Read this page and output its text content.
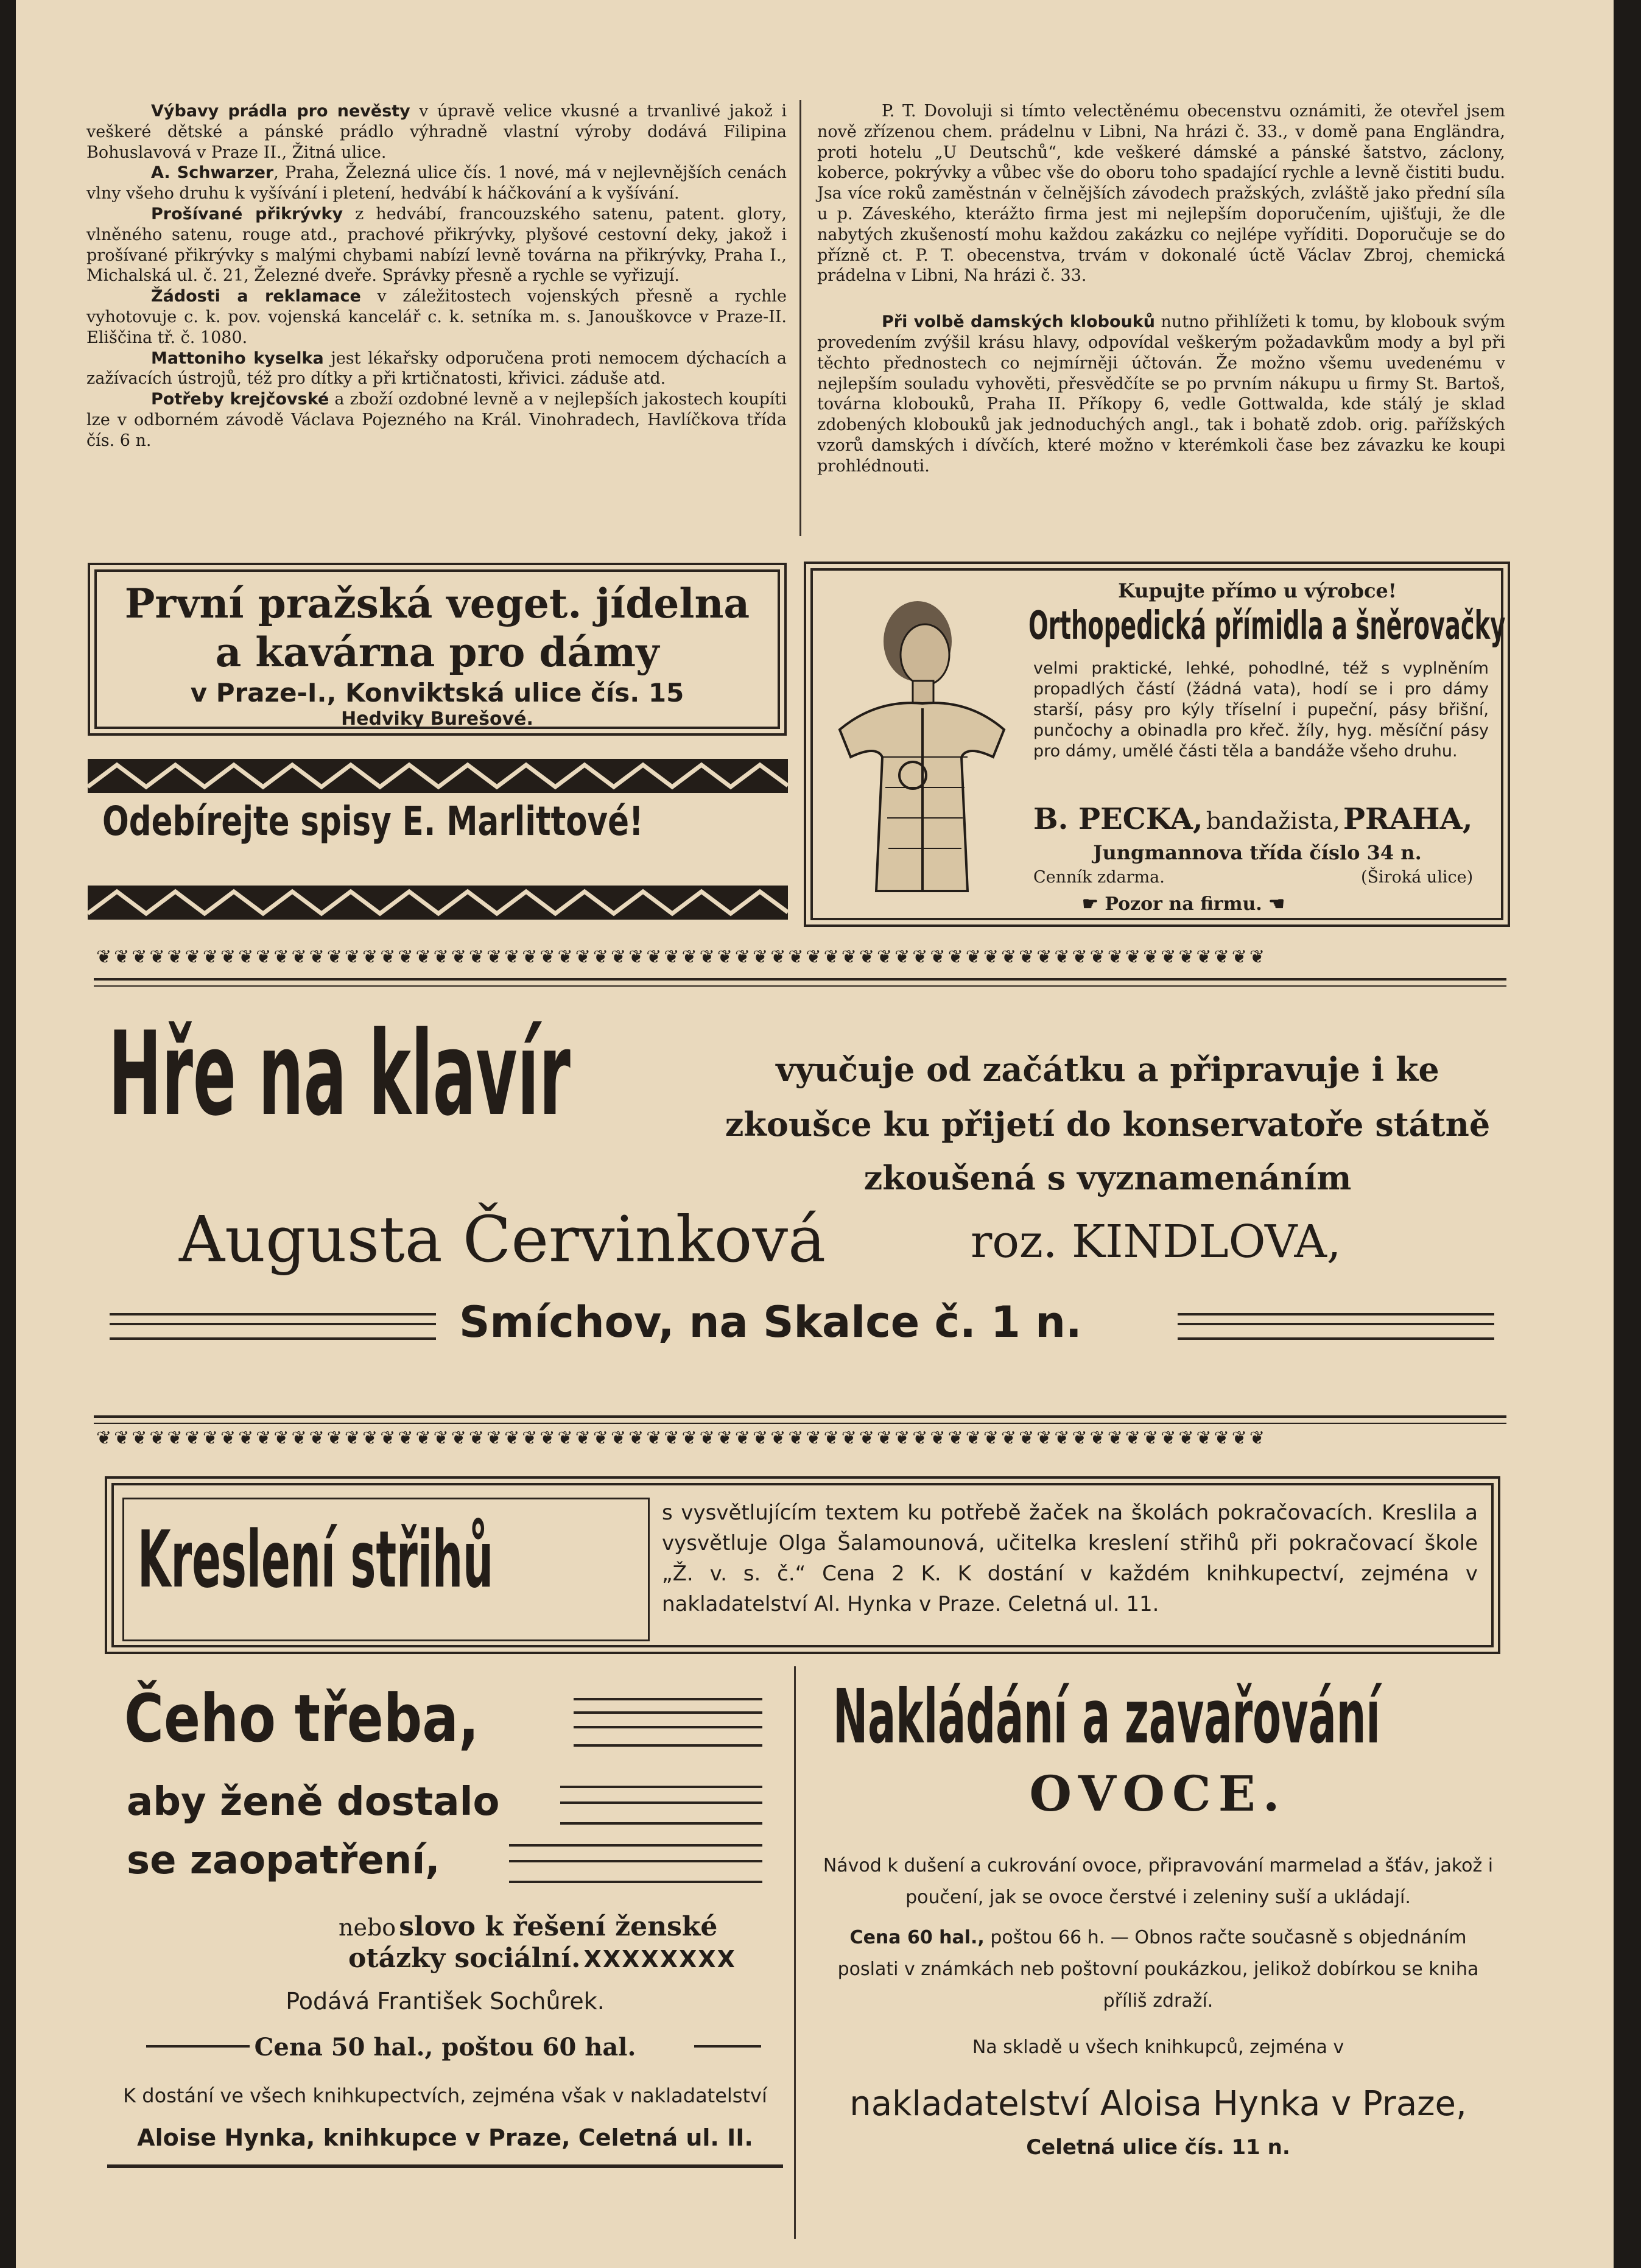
Výbavy prádla pro nevěsty v úpravě velice vkusné a trvanlivé jakož i veškeré dětské a pánské prádlo výhradně vlastní výroby dodává Filipina Bohuslavová v Praze II., Žitná ulice.

A. Schwarzer, Praha, Železná ulice čís. 1 nové, má v nejlevnějších cenách vlny všeho druhu k vyšívání i pletení, hedvábí k háčkování a k vyšívání.

Prošívané přikrývky z hedvábí, francouzského satenu, patent. gloту, vlněného satenu, rouge atd., prachové přikrývky, plyšové cestovní deky, jakož i prošívané přikrývky s malými chybami nabízí levně továrna na přikrývky, Praha I., Michalská ul. č. 21, Železné dveře. Správky přesně a rychle se vyřizují.

Žádosti a reklamace v záležitostech vojenských přesně a rychle vyhotovuje c. k. pov. vojenská kancelář c. k. setníka m. s. Janouškovce v Praze-II. Eliščina tř. č. 1080.

Mattoniho kyselka jest lékařsky odporučena proti nemocem dýchacích a zažívacích ústrojů, též pro dítky a při krtičnatosti, křivici. záduše atd.

Potřeby krejčovské a zboží ozdobné levně a v nejlepších jakostech koupíti lze v odborném závodě Václava Pojezného na Král. Vinohradech, Havlíčkova třída čís. 6 n.

P. T. Dovoluji si tímto velectěnému obecenstvu oznámiti, že otevřel jsem nově zřízenou chem. prádelnu v Libni, Na hrázi č. 33., v domě pana Engländra, proti hotelu „U Deutschů“, kde veškeré dámské a pánské šatstvo, záclony, koberce, pokrývky a vůbec vše do oboru toho spadající rychle a levně čistiti budu. Jsa více roků zaměstnán v čelnějších závodech pražských, zvláště jako přední síla u p. Záveského, kterážto firma jest mi nejlepším doporučením, ujišťuji, že dle nabytých zkušeností mohu každou zakázku co nejlépe vyříditi. Doporučuje se do přízně ct. P. T. obecenstva, trvám v dokonalé úctě Václav Zbroj, chemická prádelna v Libni, Na hrázi č. 33.

Při volbě damských klobouků nutno přihlížeti k tomu, by klobouk svým provedením zvýšil krásu hlavy, odpovídal veškerým požadavkům mody a byl při těchto přednostech co nejmírněji účtován. Že možno všemu uvedenému v nejlepším souladu vyhověti, přesvědčíte se po prvním nákupu u firmy St. Bartoš, továrna klobouků, Praha II. Příkopy 6, vedle Gottwalda, kde stálý je sklad zdobených klobouků jak jednoduchých angl., tak i bohatě zdob. orig. pařížských vzorů damských i dívčích, které možno v kterémkoli čase bez závazku ke koupi prohlédnouti.

První pražská veget. jídelna
a kavárna pro dámy
v Praze-I., Konviktská ulice čís. 15
Hedviky Burešové.
Odebírejte spisy E. Marlittové!
Kupujte přímo u výrobce!
Orthopedická přímidla a šněrovačky
velmi praktické, lehké, pohodlné, též s vyplněním propadlých částí (žádná vata), hodí se i pro dámy starší, pásy pro kýly tříselní i pupeční, pásy břišní, punčochy a obinadla pro křeč. žíly, hyg. měsíční pásy pro dámy, umělé části těla a bandáže všeho druhu.
B. PECKA, bandažista, PRAHA,
Jungmannova třída číslo 34 n.
Cenník zdarma.	(Široká ulice)
☛ Pozor na firmu. ☚
❦❦❦❦❦❦❦❦❦❦❦❦❦❦❦❦❦❦❦❦❦❦❦❦❦❦❦❦❦❦❦❦❦❦❦❦❦❦❦❦❦❦❦❦❦❦❦❦❦❦❦❦❦❦❦❦❦❦❦❦❦❦❦❦❦❦
Hře na klavír	vyučuje od začátku a připravuje i ke
zkoušce ku přijetí do konservatoře státně
zkoušená s vyznamenáním
Augusta Červinková	roz. KINDLOVA,
Smíchov, na Skalce č. 1 n.
❦❦❦❦❦❦❦❦❦❦❦❦❦❦❦❦❦❦❦❦❦❦❦❦❦❦❦❦❦❦❦❦❦❦❦❦❦❦❦❦❦❦❦❦❦❦❦❦❦❦❦❦❦❦❦❦❦❦❦❦❦❦❦❦❦❦
Kreslení střihů
s vysvětlujícím textem ku potřebě žaček na školách pokračovacích. Kreslila a vysvětluje Olga Šalamounová, učitelka kreslení střihů při pokračovací škole „Ž. v. s. č.“ Cena 2 K. K dostání v každém knihkupectví, zejména v nakladatelství Al. Hynka v Praze. Celetná ul. 11.
Čeho třeba,
aby ženě dostalo
se zaopatření,
nebo slovo k řešení ženské
otázky sociální. XXXXXXXX
Podává František Sochůrek.
Cena 50 hal., poštou 60 hal.
K dostání ve všech knihkupectvích, zejména však v nakladatelství
Aloise Hynka, knihkupce v Praze, Celetná ul. II.
Nakládání a zavařování
OVOCE.
Návod k dušení a cukrování ovoce, připravování marmelad a šťáv, jakož i poučení, jak se ovoce čerstvé i zeleniny suší a ukládají.
Cena 60 hal., poštou 66 h. — Obnos račte současně s objednáním poslati v známkách neb poštovní poukázkou, jelikož dobírkou se kniha příliš zdraží.
Na skladě u všech knihkupců, zejména v
nakladatelství Aloisa Hynka v Praze,
Celetná ulice čís. 11 n.
